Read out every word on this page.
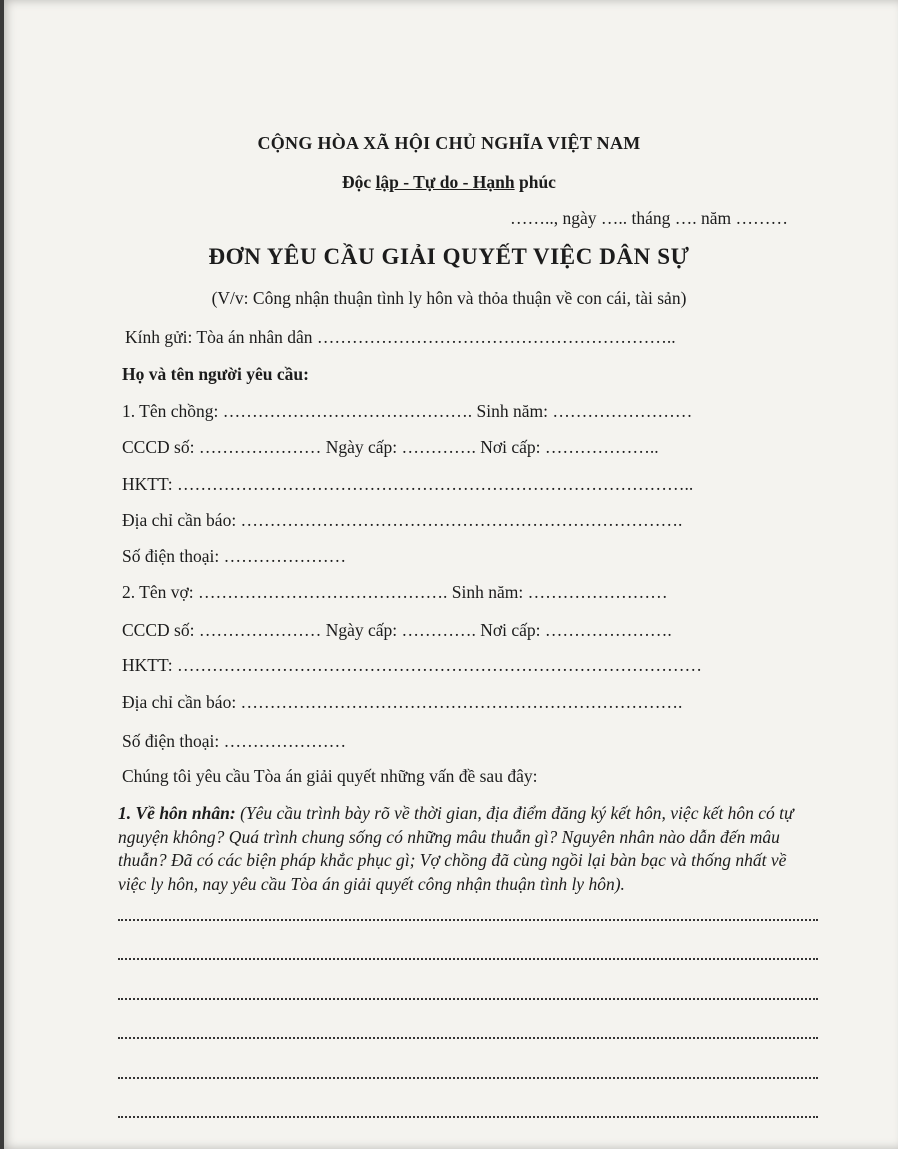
CỘNG HÒA XÃ HỘI CHỦ NGHĨA VIỆT NAM
Độc lập - Tự do - Hạnh phúc
…….., ngày ….. tháng …. năm ………
ĐƠN YÊU CẦU GIẢI QUYẾT VIỆC DÂN SỰ
(V/v: Công nhận thuận tình ly hôn và thỏa thuận về con cái, tài sản)
Kính gửi: Tòa án nhân dân ……………………………………………………..
Họ và tên người yêu cầu:
1. Tên chồng: ……………………………………. Sinh năm: ……………………
CCCD số: ………………… Ngày cấp: …………. Nơi cấp: ………………..
HKTT: ……………………………………………………………………………..
Địa chỉ cần báo: ………………………………………………………………….
Số điện thoại: …………………
2. Tên vợ: ……………………………………. Sinh năm: ……………………
CCCD số: ………………… Ngày cấp: …………. Nơi cấp: ………………….
HKTT: ………………………………………………………………………………
Địa chỉ cần báo: ………………………………………………………………….
Số điện thoại: …………………
Chúng tôi yêu cầu Tòa án giải quyết những vấn đề sau đây:
1. Về hôn nhân: (Yêu cầu trình bày rõ về thời gian, địa điểm đăng ký kết hôn, việc kết hôn có tự nguyện không? Quá trình chung sống có những mâu thuẫn gì? Nguyên nhân nào dẫn đến mâu thuẫn? Đã có các biện pháp khắc phục gì; Vợ chồng đã cùng ngồi lại bàn bạc và thống nhất về việc ly hôn, nay yêu cầu Tòa án giải quyết công nhận thuận tình ly hôn).
